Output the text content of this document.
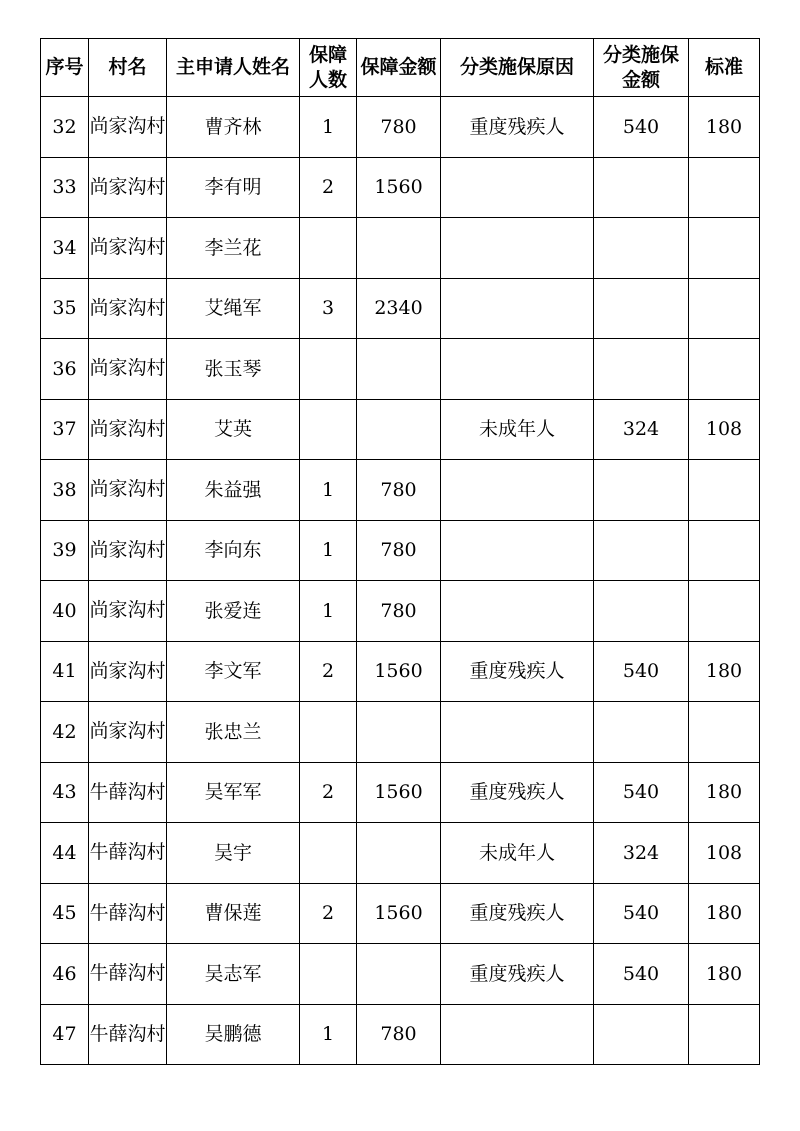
序号	村名	主申请人姓名	保障人数	保障金额	分类施保原因	分类施保金额	标准
32	尚家沟村	曹齐林	1	780	重度残疾人	540	180
33	尚家沟村	李有明	2	1560			
34	尚家沟村	李兰花					
35	尚家沟村	艾绳军	3	2340			
36	尚家沟村	张玉琴					
37	尚家沟村	艾英			未成年人	324	108
38	尚家沟村	朱益强	1	780			
39	尚家沟村	李向东	1	780			
40	尚家沟村	张爱连	1	780			
41	尚家沟村	李文军	2	1560	重度残疾人	540	180
42	尚家沟村	张忠兰					
43	牛薛沟村	吴军军	2	1560	重度残疾人	540	180
44	牛薛沟村	吴宇			未成年人	324	108
45	牛薛沟村	曹保莲	2	1560	重度残疾人	540	180
46	牛薛沟村	吴志军			重度残疾人	540	180
47	牛薛沟村	吴鹏德	1	780			
